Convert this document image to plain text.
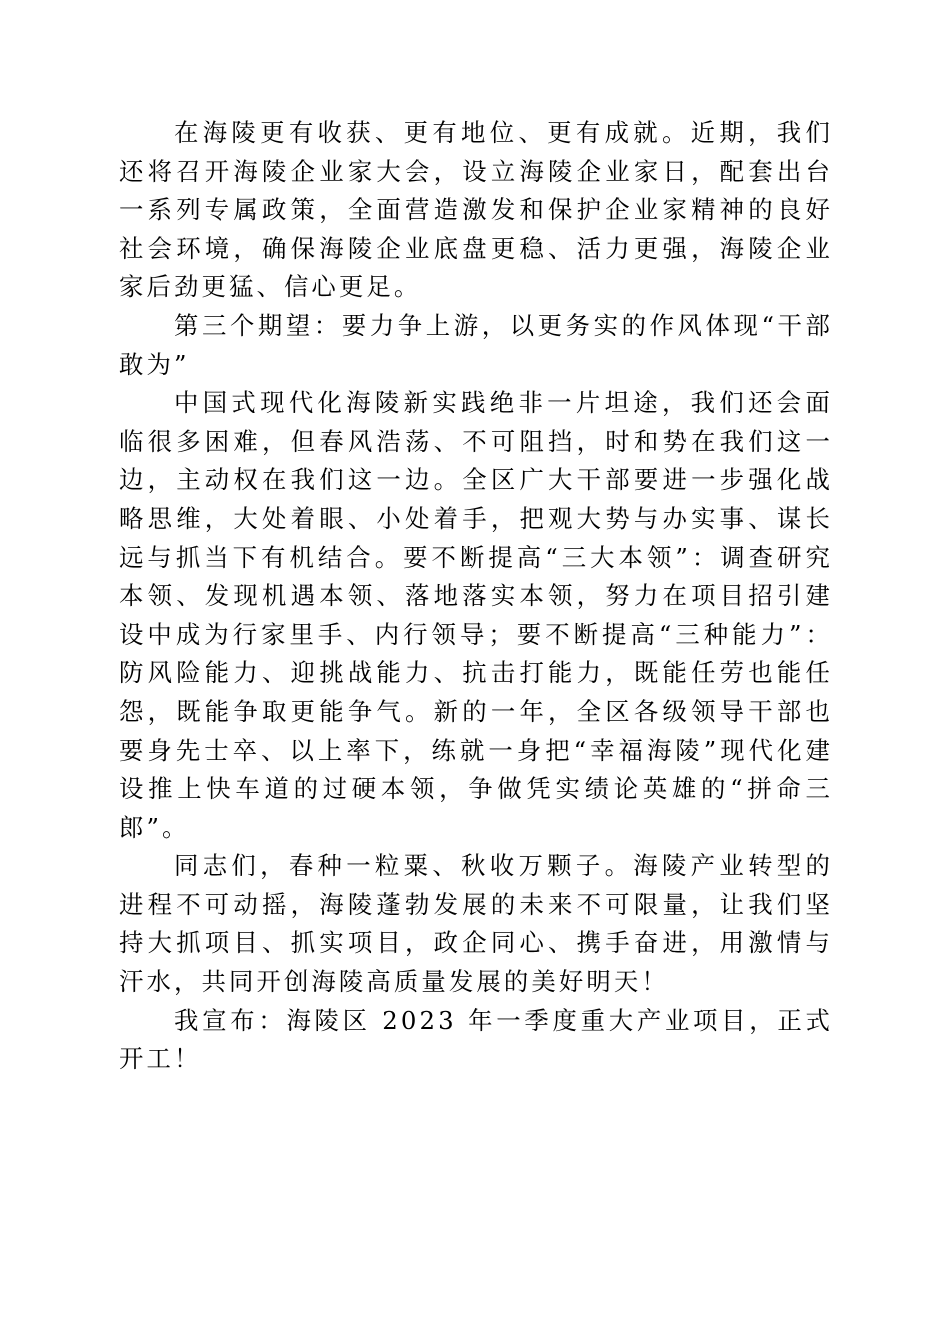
在海陵更有收获、更有地位、更有成就。近期，我们还将召开海陵企业家大会，设立海陵企业家日，配套出台一系列专属政策，全面营造激发和保护企业家精神的良好社会环境，确保海陵企业底盘更稳、活力更强，海陵企业家后劲更猛、信心更足。

第三个期望：要力争上游，以更务实的作风体现“干部敢为”

中国式现代化海陵新实践绝非一片坦途，我们还会面临很多困难，但春风浩荡、不可阻挡，时和势在我们这一边，主动权在我们这一边。全区广大干部要进一步强化战略思维，大处着眼、小处着手，把观大势与办实事、谋长远与抓当下有机结合。要不断提高“三大本领”：调查研究本领、发现机遇本领、落地落实本领，努力在项目招引建设中成为行家里手、内行领导；要不断提高“三种能力”：防风险能力、迎挑战能力、抗击打能力，既能任劳也能任怨，既能争取更能争气。新的一年，全区各级领导干部也要身先士卒、以上率下，练就一身把“幸福海陵”现代化建设推上快车道的过硬本领，争做凭实绩论英雄的“拼命三郎”。

同志们，春种一粒粟、秋收万颗子。海陵产业转型的进程不可动摇，海陵蓬勃发展的未来不可限量，让我们坚持大抓项目、抓实项目，政企同心、携手奋进，用激情与汗水，共同开创海陵高质量发展的美好明天！

我宣布：海陵区 2023 年一季度重大产业项目，正式开工！
